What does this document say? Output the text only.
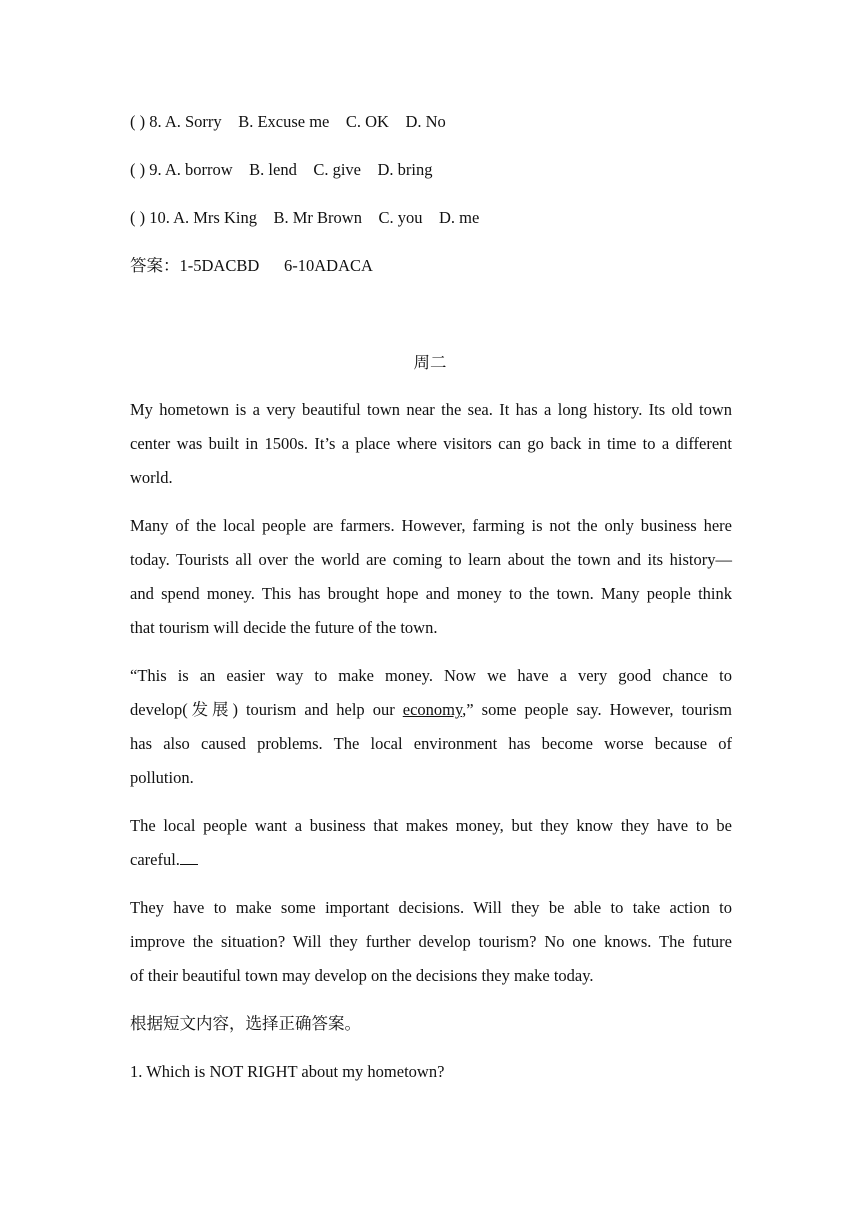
( ) 8. A. Sorry B. Excuse me C. OK D. No
( ) 9. A. borrow B. lend C. give D. bring
( ) 10. A. Mrs King B. Mr Brown C. you D. me
答案：1-5DACBD 6-10ADACA
周二
My hometown is a very beautiful town near the sea. It has a long history. Its old town
center was built in 1500s. It’s a place where visitors can go back in time to a different
world.
Many of the local people are farmers. However, farming is not the only business here
today. Tourists all over the world are coming to learn about the town and its history—
and spend money. This has brought hope and money to the town. Many people think
that tourism will decide the future of the town.
“This is an easier way to make money. Now we have a very good chance to
develop(发展) tourism and help our economy,” some people say. However, tourism
has also caused problems. The local environment has become worse because of
pollution.
The local people want a business that makes money, but they know they have to be
careful.
They have to make some important decisions. Will they be able to take action to
improve the situation? Will they further develop tourism? No one knows. The future
of their beautiful town may develop on the decisions they make today.
根据短文内容，选择正确答案。
1. Which is NOT RIGHT about my hometown?
